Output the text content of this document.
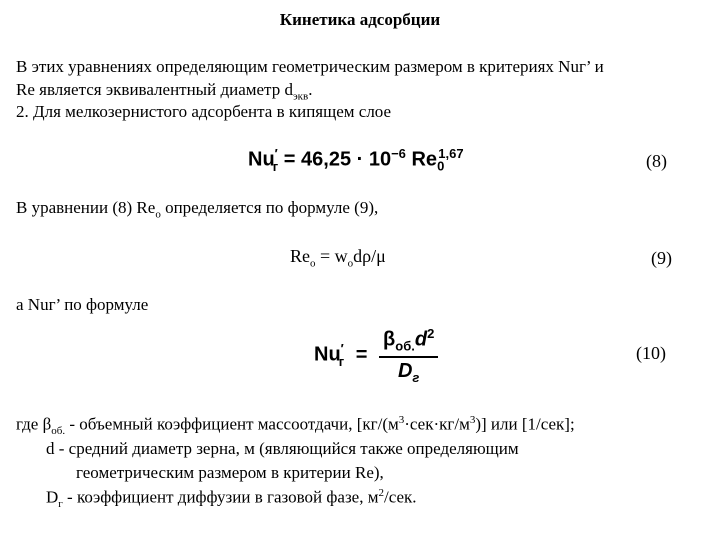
Кинетика адсорбции
В этих уравнениях определяющим геометрическим размером в критериях Nuг’ и
Re является эквивалентный диаметр $d_{экв}$.
2. Для мелкозернистого адсорбента в кипящем слое
$Nu'_г = 46,25 \cdot 10^{-6}$ $Re_0^{1,67}$	(8)
В уравнении (8) $Re_о$ определяется по формуле (9),
$Re_о = w_оd\rho/\mu$	(9)
а Nuг’ по формуле
$Nu'_г = \frac{\beta_{об.}d^2}{D_г}$	(10)
где $\beta_{об.}$ - объемный коэффициент массоотдачи, $[кг/(м^3\cdot сек\cdot кг/м^3)]$ или [1/сек];
d - средний диаметр зерна, м (являющийся также определяющим
геометрическим размером в критерии Re),
$D_г$ - коэффициент диффузии в газовой фазе, $м^2$/сек.
